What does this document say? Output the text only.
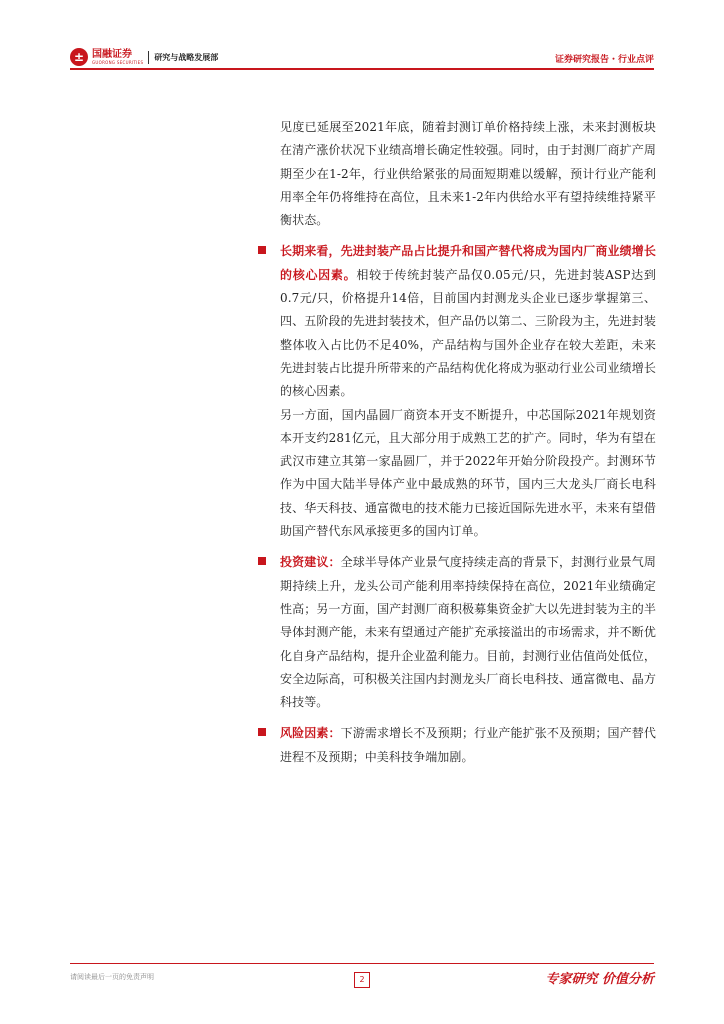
± 国融证券
GUORONG SECURITIES
研究与战略发展部	证券研究报告・行业点评

见度已延展至2021年底，随着封测订单价格持续上涨，未来封测板块在清产涨价状况下业绩高增长确定性较强。同时，由于封测厂商扩产周期至少在1-2年，行业供给紧张的局面短期难以缓解，预计行业产能利用率全年仍将维持在高位，且未来1-2年内供给水平有望持续维持紧平衡状态。

长期来看，先进封装产品占比提升和国产替代将成为国内厂商业绩增长的核心因素。相较于传统封装产品仅0.05元/只，先进封装ASP达到0.7元/只，价格提升14倍，目前国内封测龙头企业已逐步掌握第三、四、五阶段的先进封装技术，但产品仍以第二、三阶段为主，先进封装整体收入占比仍不足40%，产品结构与国外企业存在较大差距，未来先进封装占比提升所带来的产品结构优化将成为驱动行业公司业绩增长的核心因素。

另一方面，国内晶圆厂商资本开支不断提升，中芯国际2021年规划资本开支约281亿元，且大部分用于成熟工艺的扩产。同时，华为有望在武汉市建立其第一家晶圆厂，并于2022年开始分阶段投产。封测环节作为中国大陆半导体产业中最成熟的环节，国内三大龙头厂商长电科技、华天科技、通富微电的技术能力已接近国际先进水平，未来有望借助国产替代东风承接更多的国内订单。

投资建议：全球半导体产业景气度持续走高的背景下，封测行业景气周期持续上升，龙头公司产能利用率持续保持在高位，2021年业绩确定性高；另一方面，国产封测厂商积极募集资金扩大以先进封装为主的半导体封测产能，未来有望通过产能扩充承接溢出的市场需求，并不断优化自身产品结构，提升企业盈利能力。目前，封测行业估值尚处低位，安全边际高，可积极关注国内封测龙头厂商长电科技、通富微电、晶方科技等。

风险因素：下游需求增长不及预期；行业产能扩张不及预期；国产替代进程不及预期；中美科技争端加剧。

请阅读最后一页的免责声明	2	专家研究 价值分析
